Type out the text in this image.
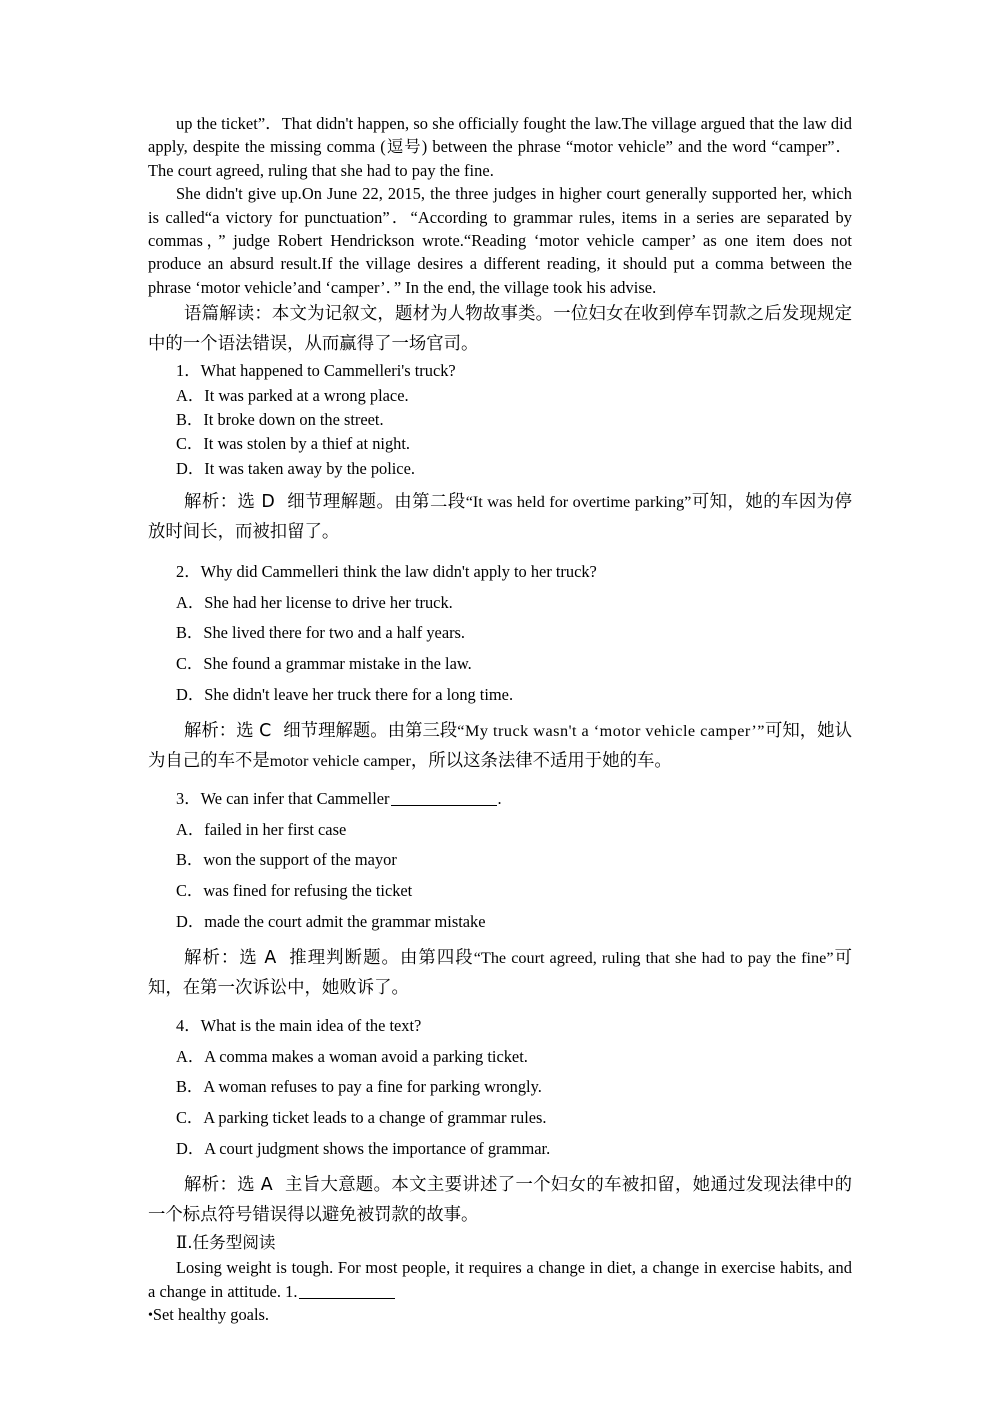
up the ticket”．That didn't happen, so she officially fought the law.The village argued that the law did apply, despite the missing comma (逗号) between the phrase “motor vehicle” and the word “camper”．The court agreed, ruling that she had to pay the fine.

She didn't give up.On June 22, 2015, the three judges in higher court generally supported her, which is called“a victory for punctuation”．“According to grammar rules, items in a series are separated by commas，” judge Robert Hendrickson wrote.“Reading ‘motor vehicle camper’ as one item does not produce an absurd result.If the village desires a different reading, it should put a comma between the phrase ‘motor vehicle’and ‘camper’．” In the end, the village took his advise.

语篇解读：本文为记叙文，题材为人物故事类。一位妇女在收到停车罚款之后发现规定中的一个语法错误，从而赢得了一场官司。

1．What happened to Cammelleri's truck?

A．It was parked at a wrong place.

B．It broke down on the street.

C．It was stolen by a thief at night.

D．It was taken away by the police.

解析：选 D 细节理解题。由第二段“It was held for overtime parking”可知，她的车因为停放时间长，而被扣留了。

2．Why did Cammelleri think the law didn't apply to her truck?

A．She had her license to drive her truck.

B．She lived there for two and a half years.

C．She found a grammar mistake in the law.

D．She didn't leave her truck there for a long time.

解析：选 C 细节理解题。由第三段“My truck wasn't a ‘motor vehicle camper’”可知，她认为自己的车不是motor vehicle camper，所以这条法律不适用于她的车。

3．We can infer that Cammeller	.

A．failed in her first case

B．won the support of the mayor

C．was fined for refusing the ticket

D．made the court admit the grammar mistake

解析：选 A 推理判断题。由第四段“The court agreed, ruling that she had to pay the fine”可知，在第一次诉讼中，她败诉了。

4．What is the main idea of the text?

A．A comma makes a woman avoid a parking ticket.

B．A woman refuses to pay a fine for parking wrongly.

C．A parking ticket leads to a change of grammar rules.

D．A court judgment shows the importance of grammar.

解析：选 A 主旨大意题。本文主要讲述了一个妇女的车被扣留，她通过发现法律中的一个标点符号错误得以避免被罚款的故事。

Ⅱ.任务型阅读

Losing weight is tough. For most people, it requires a change in diet, a change in exercise habits, and a change in attitude. 1.

•Set healthy goals.
